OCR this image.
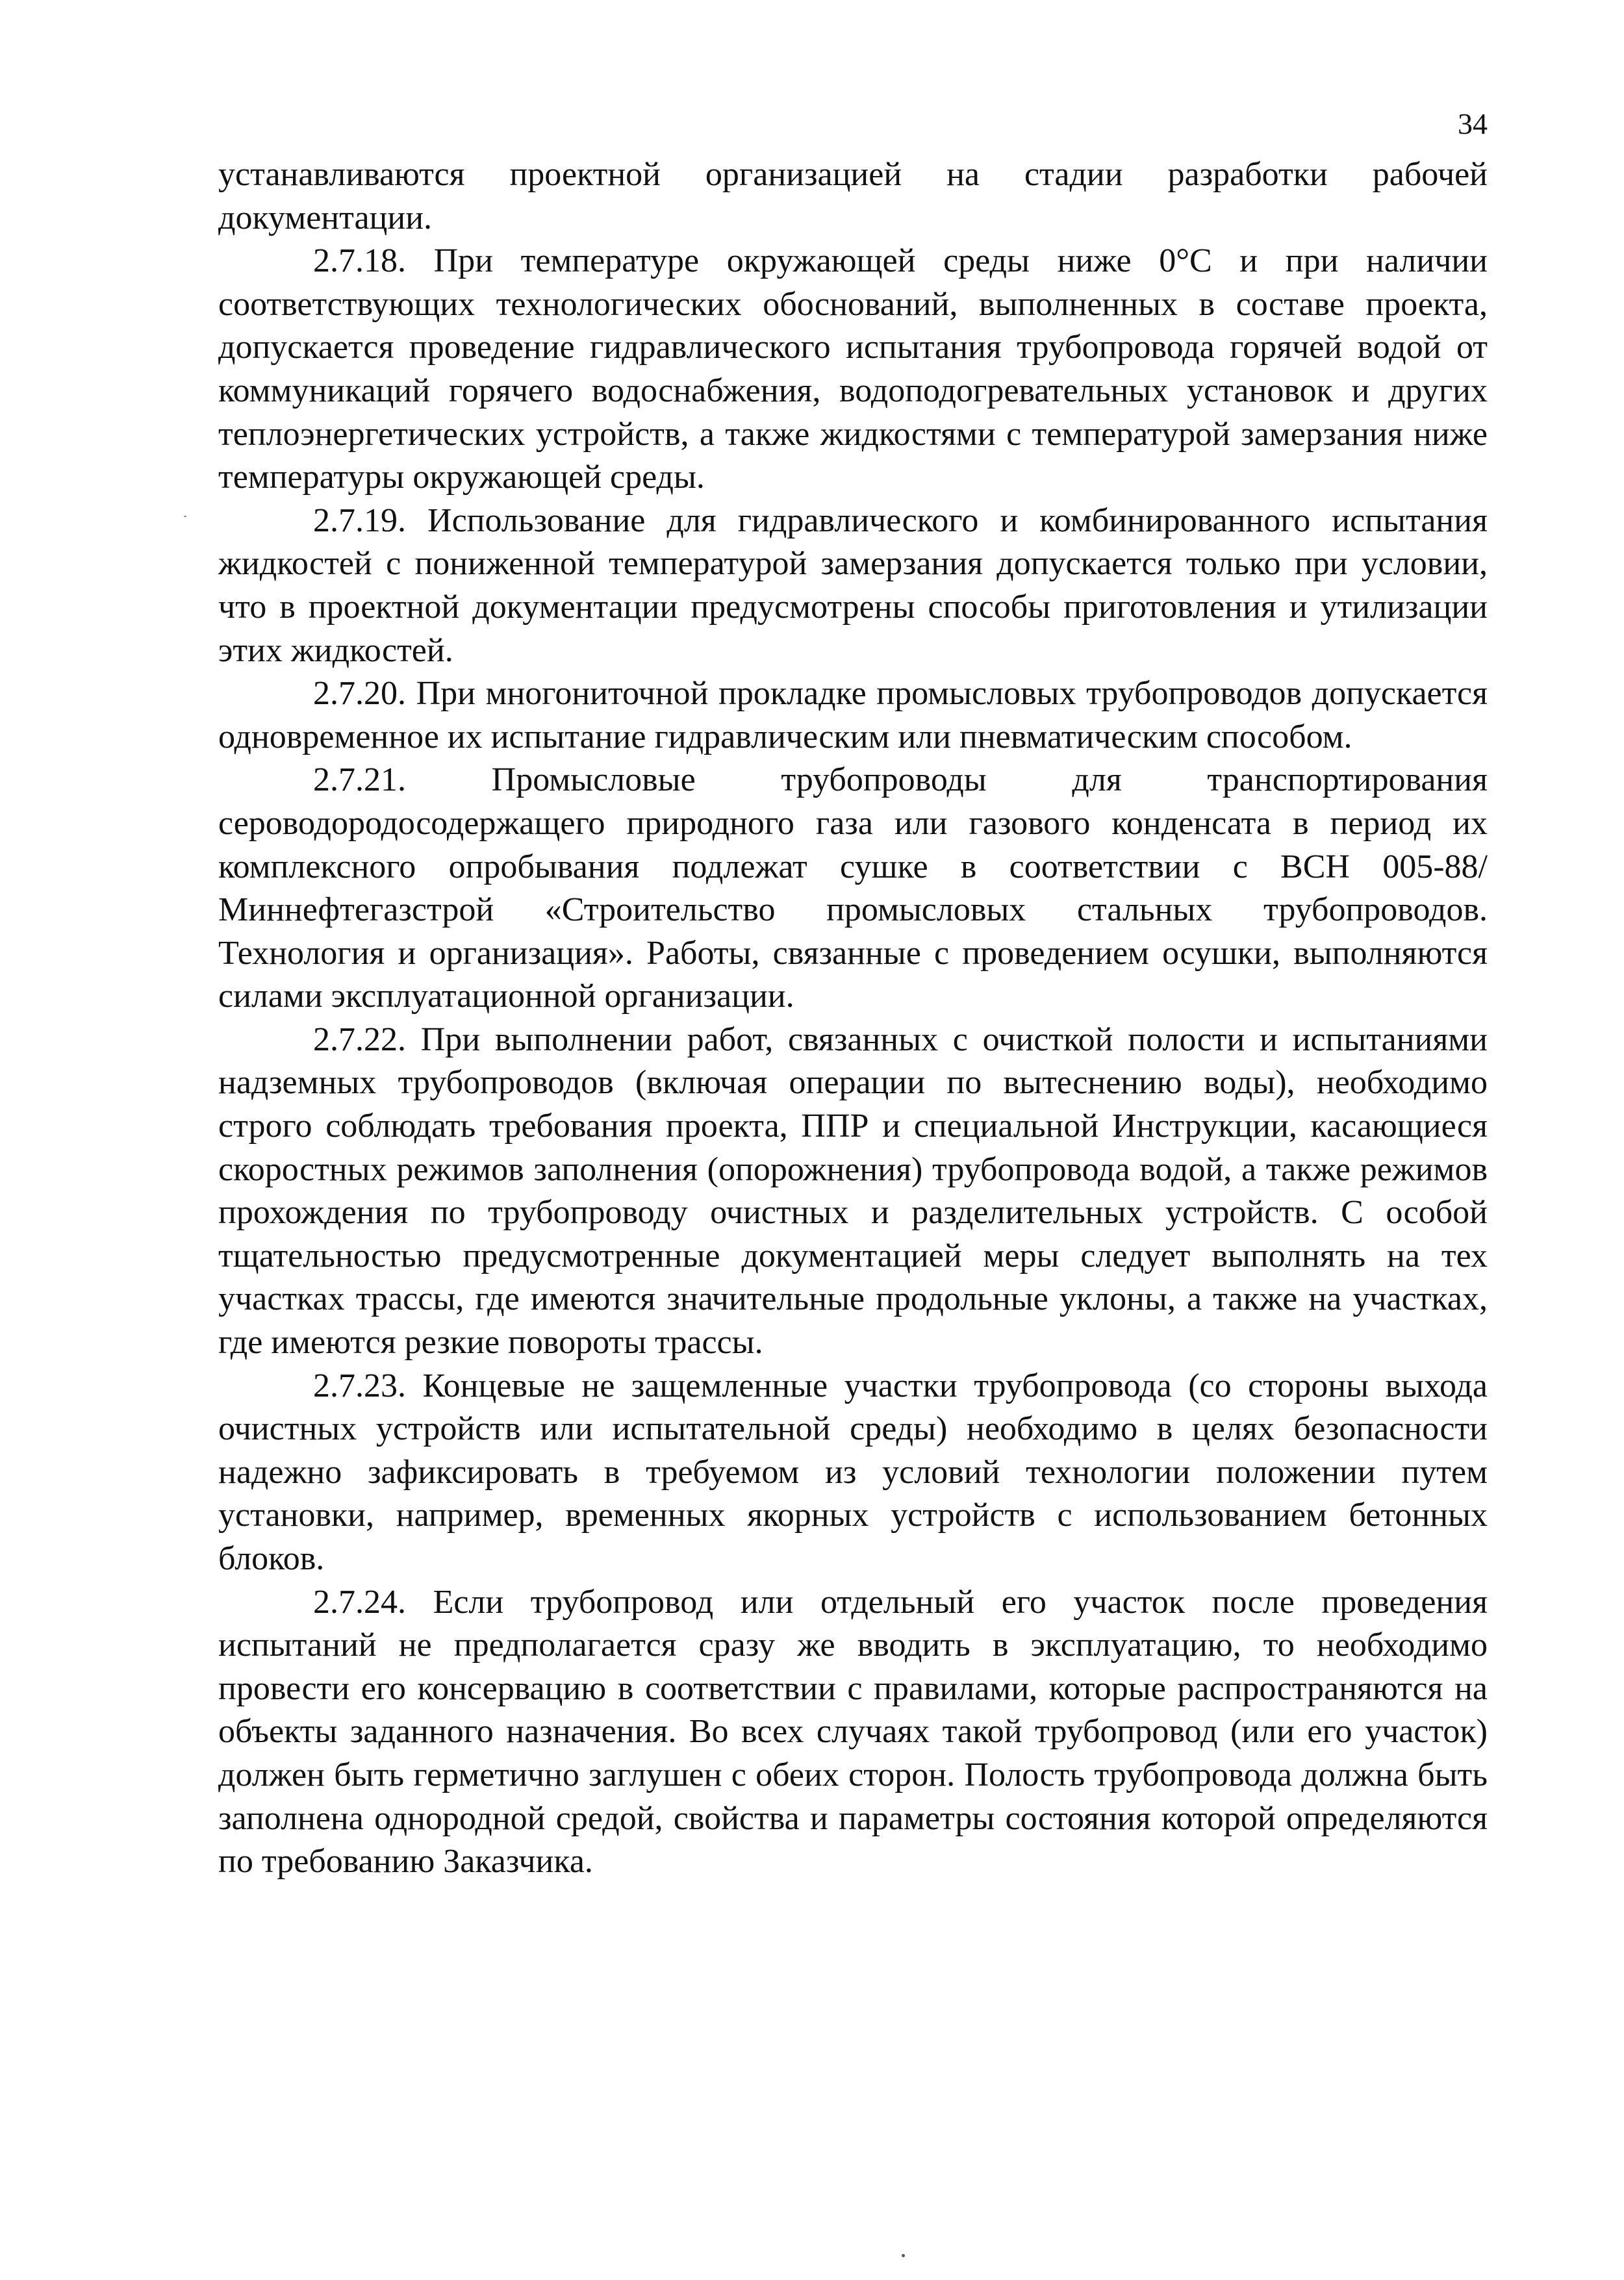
34

устанавливаются проектной организацией на стадии разработки рабочей документации.

2.7.18. При температуре окружающей среды ниже 0°С и при наличии соответствующих технологических обоснований, выполненных в составе проекта, допускается проведение гидравлического испытания трубопровода горячей водой от коммуникаций горячего водоснабжения, водоподогревательных установок и других теплоэнергетических устройств, а также жидкостями с температурой замерзания ниже температуры окружающей среды.

2.7.19. Использование для гидравлического и комбинированного испытания жидкостей с пониженной температурой замерзания допускается только при условии, что в проектной документации предусмотрены способы приготовления и утилизации этих жидкостей.

2.7.20. При многониточной прокладке промысловых трубопроводов допускается одновременное их испытание гидравлическим или пневматическим способом.

2.7.21. Промысловые трубопроводы для транспортирования сероводородосодержащего природного газа или газового конденсата в период их комплексного опробывания подлежат сушке в соответствии с ВСН 005-88/Миннефтегазстрой «Строительство промысловых стальных трубопроводов. Технология и организация». Работы, связанные с проведением осушки, выполняются силами эксплуатационной организации.

2.7.22. При выполнении работ, связанных с очисткой полости и испытаниями надземных трубопроводов (включая операции по вытеснению воды), необходимо строго соблюдать требования проекта, ППР и специальной Инструкции, касающиеся скоростных режимов заполнения (опорожнения) трубопровода водой, а также режимов прохождения по трубопроводу очистных и разделительных устройств. С особой тщательностью предусмотренные документацией меры следует выполнять на тех участках трассы, где имеются значительные продольные уклоны, а также на участках, где имеются резкие повороты трассы.

2.7.23. Концевые не защемленные участки трубопровода (со стороны выхода очистных устройств или испытательной среды) необходимо в целях безопасности надежно зафиксировать в требуемом из условий технологии положении путем установки, например, временных якорных устройств с использованием бетонных блоков.

2.7.24. Если трубопровод или отдельный его участок после проведения испытаний не предполагается сразу же вводить в эксплуатацию, то необходимо провести его консервацию в соответствии с правилами, которые распространяются на объекты заданного назначения. Во всех случаях такой трубопровод (или его участок) должен быть герметично заглушен с обеих сторон. Полость трубопровода должна быть заполнена однородной средой, свойства и параметры состояния которой определяются по требованию Заказчика.
